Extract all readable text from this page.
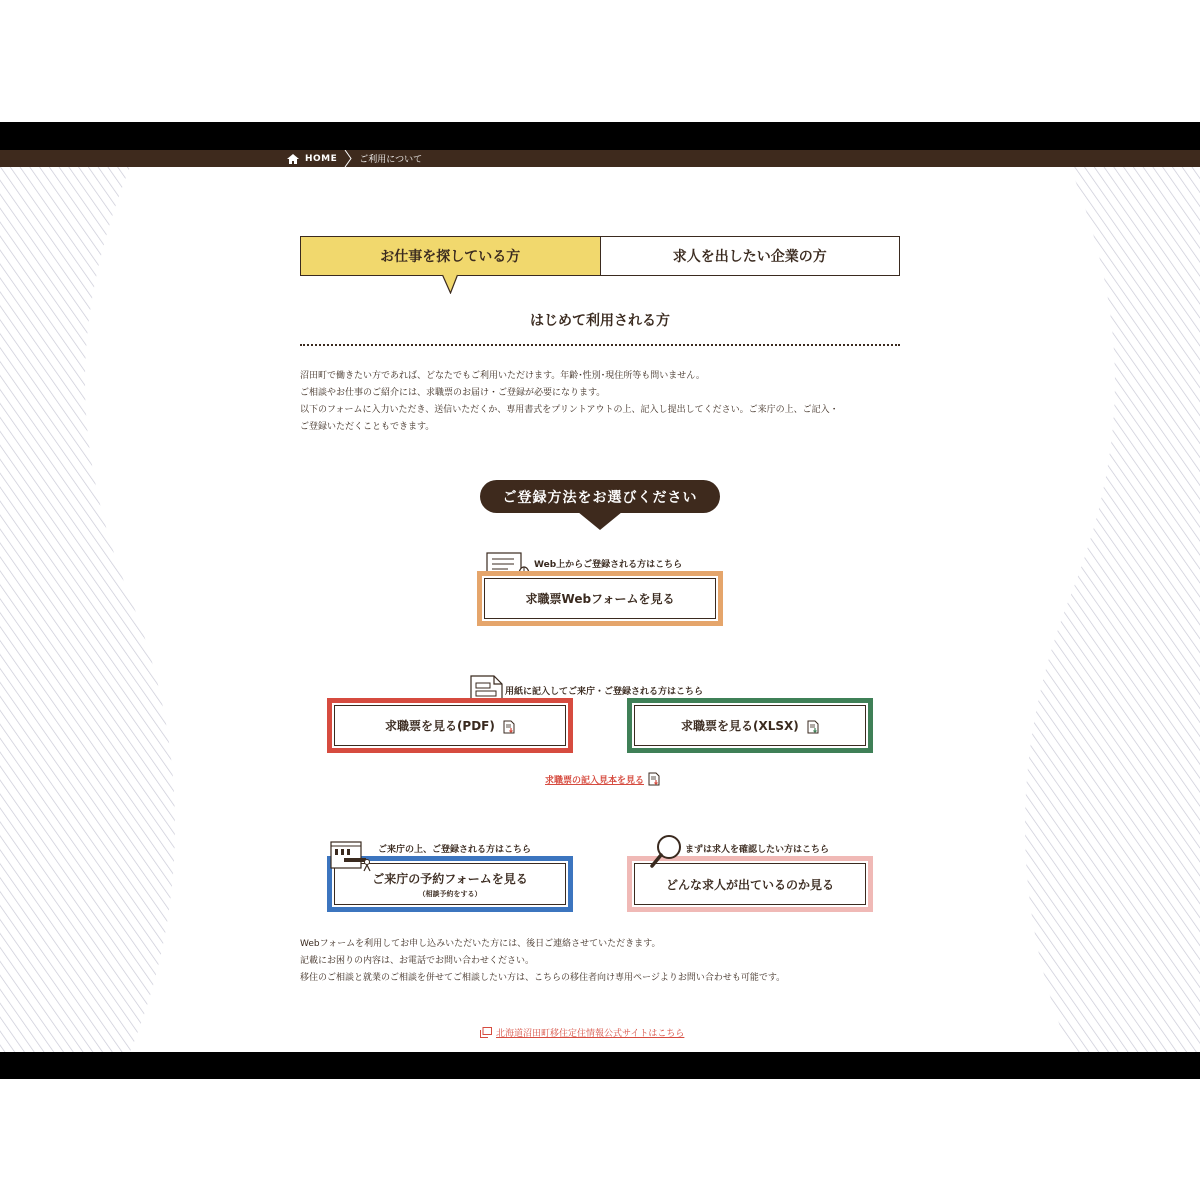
HOME ご利用について
お仕事を探している方	求人を出したい企業の方
はじめて利用される方

沼田町で働きたい方であれば、どなたでもご利用いただけます。年齢･性別･現住所等も問いません。

ご相談やお仕事のご紹介には、求職票のお届け・ご登録が必要になります。

以下のフォームに入力いただき、送信いただくか、専用書式をプリントアウトの上、記入し提出してください。ご来庁の上、ご記入・

ご登録いただくこともできます。

ご登録方法をお選びください
Web上からご登録される方はこちら
求職票Webフォームを見る
用紙に記入してご来庁・ご登録される方はこちら
求職票を見る(PDF)	求職票を見る(XLSX)
求職票の記入見本を見る
ご来庁の予約フォームを見る
（相談予約をする）
ご来庁の上、ご登録される方はこちら
どんな求人が出ているのか見る
まずは求人を確認したい方はこちら

Webフォームを利用してお申し込みいただいた方には、後日ご連絡させていただきます。

記載にお困りの内容は、お電話でお問い合わせください。

移住のご相談と就業のご相談を併せてご相談したい方は、こちらの移住者向け専用ページよりお問い合わせも可能です。

北海道沼田町移住定住情報公式サイトはこちら
